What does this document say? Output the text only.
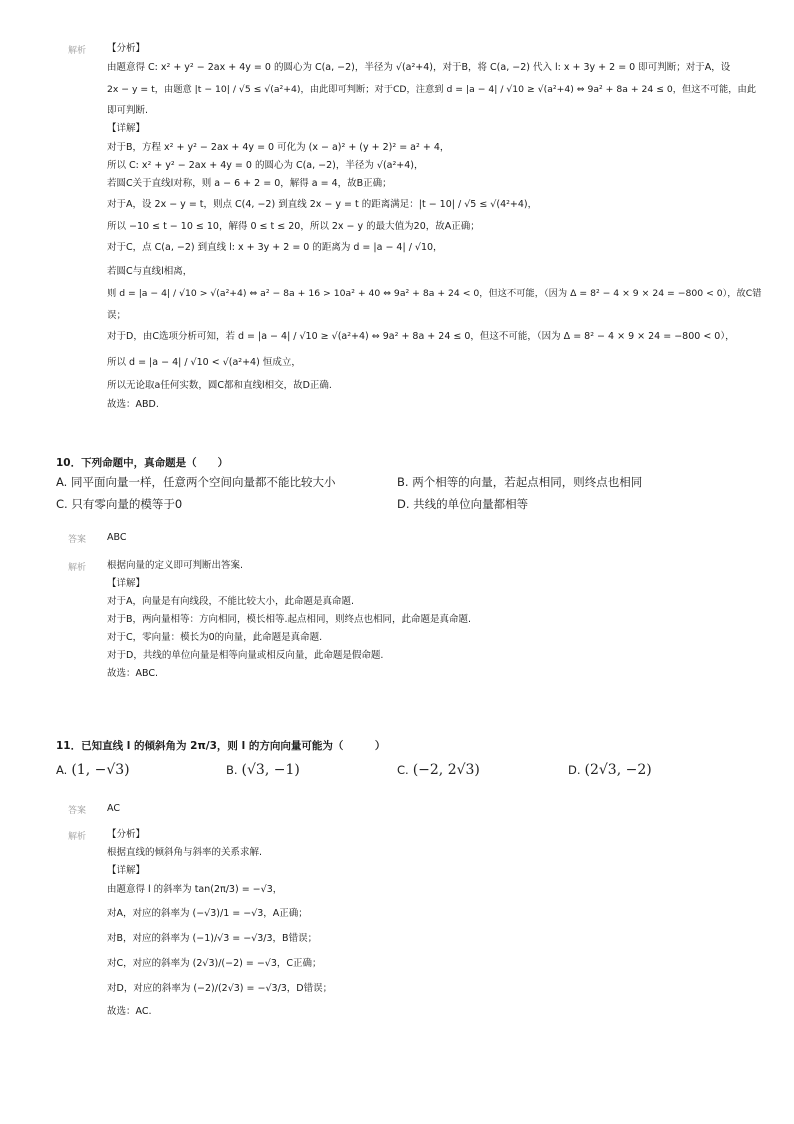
解析 【分析】
由题意得 C: x² + y² − 2ax + 4y = 0 的圆心为 C(a, −2)，半径为 √(a²+4)，对于B，将 C(a, −2) 代入 l: x + 3y + 2 = 0 即可判断；对于A，设
2x − y = t，由题意 |t − 10| / √5 ≤ √(a²+4)，由此即可判断；对于CD，注意到 d = |a − 4| / √10 ≥ √(a²+4) ⇔ 9a² + 8a + 24 ≤ 0，但这不可能，由此
即可判断.
【详解】
对于B，方程 x² + y² − 2ax + 4y = 0 可化为 (x − a)² + (y + 2)² = a² + 4，
所以 C: x² + y² − 2ax + 4y = 0 的圆心为 C(a, −2)，半径为 √(a²+4)，
若圆C关于直线l对称，则 a − 6 + 2 = 0，解得 a = 4，故B正确；
对于A，设 2x − y = t，则点 C(4, −2) 到直线 2x − y = t 的距离满足：|t − 10| / √5 ≤ √(4²+4)，
所以 −10 ≤ t − 10 ≤ 10，解得 0 ≤ t ≤ 20，所以 2x − y 的最大值为20，故A正确；
对于C，点 C(a, −2) 到直线 l: x + 3y + 2 = 0 的距离为 d = |a − 4| / √10，
若圆C与直线l相离，
则 d = |a − 4| / √10 > √(a²+4) ⇔ a² − 8a + 16 > 10a² + 40 ⇔ 9a² + 8a + 24 < 0，但这不可能，（因为 Δ = 8² − 4 × 9 × 24 = −800 < 0），故C错
误；
对于D，由C选项分析可知，若 d = |a − 4| / √10 ≥ √(a²+4) ⇔ 9a² + 8a + 24 ≤ 0，但这不可能，（因为 Δ = 8² − 4 × 9 × 24 = −800 < 0），
所以 d = |a − 4| / √10 < √(a²+4) 恒成立，
所以无论取a任何实数，圆C都和直线l相交，故D正确.
故选：ABD.
10．下列命题中，真命题是（　　）
A. 同平面向量一样，任意两个空间向量都不能比较大小	B. 两个相等的向量，若起点相同，则终点也相同
C. 只有零向量的模等于0	D. 共线的单位向量都相等
答案 ABC
解析 根据向量的定义即可判断出答案.
【详解】
对于A，向量是有向线段，不能比较大小，此命题是真命题.
对于B，两向量相等：方向相同，模长相等.起点相同，则终点也相同，此命题是真命题.
对于C，零向量：模长为0的向量，此命题是真命题.
对于D，共线的单位向量是相等向量或相反向量，此命题是假命题.
故选：ABC.
11．已知直线 l 的倾斜角为 2π/3，则 l 的方向向量可能为（　　　）
A. (1, −√3)	B. (√3, −1)	C. (−2, 2√3)	D. (2√3, −2)
答案 AC
解析 【分析】
根据直线的倾斜角与斜率的关系求解.
【详解】
由题意得 l 的斜率为 tan(2π/3) = −√3，
对A，对应的斜率为 (−√3)/1 = −√3，A正确；
对B，对应的斜率为 (−1)/√3 = −√3/3，B错误；
对C，对应的斜率为 (2√3)/(−2) = −√3，C正确；
对D，对应的斜率为 (−2)/(2√3) = −√3/3，D错误；
故选：AC.
